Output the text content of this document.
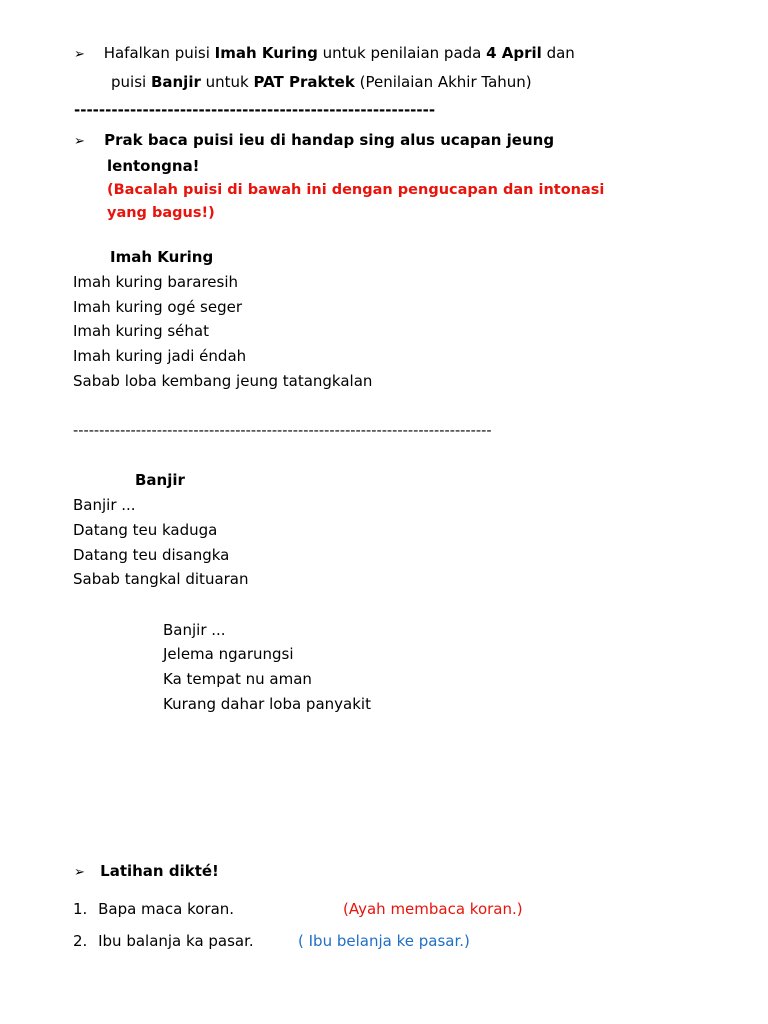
➢ Hafalkan puisi Imah Kuring untuk penilaian pada 4 April dan
puisi Banjir untuk PAT Praktek (Penilaian Akhir Tahun)
----------------------------------------------------------
➢ Prak baca puisi ieu di handap sing alus ucapan jeung
lentongna!
(Bacalah puisi di bawah ini dengan pengucapan dan intonasi
yang bagus!)
Imah Kuring
Imah kuring bararesih
Imah kuring ogé seger
Imah kuring séhat
Imah kuring jadi éndah
Sabab loba kembang jeung tatangkalan
--------------------------------------------------------------------------------
Banjir
Banjir ...
Datang teu kaduga
Datang teu disangka
Sabab tangkal dituaran
Banjir ...
Jelema ngarungsi
Ka tempat nu aman
Kurang dahar loba panyakit
➢ Latihan dikté!
1. Bapa maca koran.	(Ayah membaca koran.)
2. Ibu balanja ka pasar.	( Ibu belanja ke pasar.)
